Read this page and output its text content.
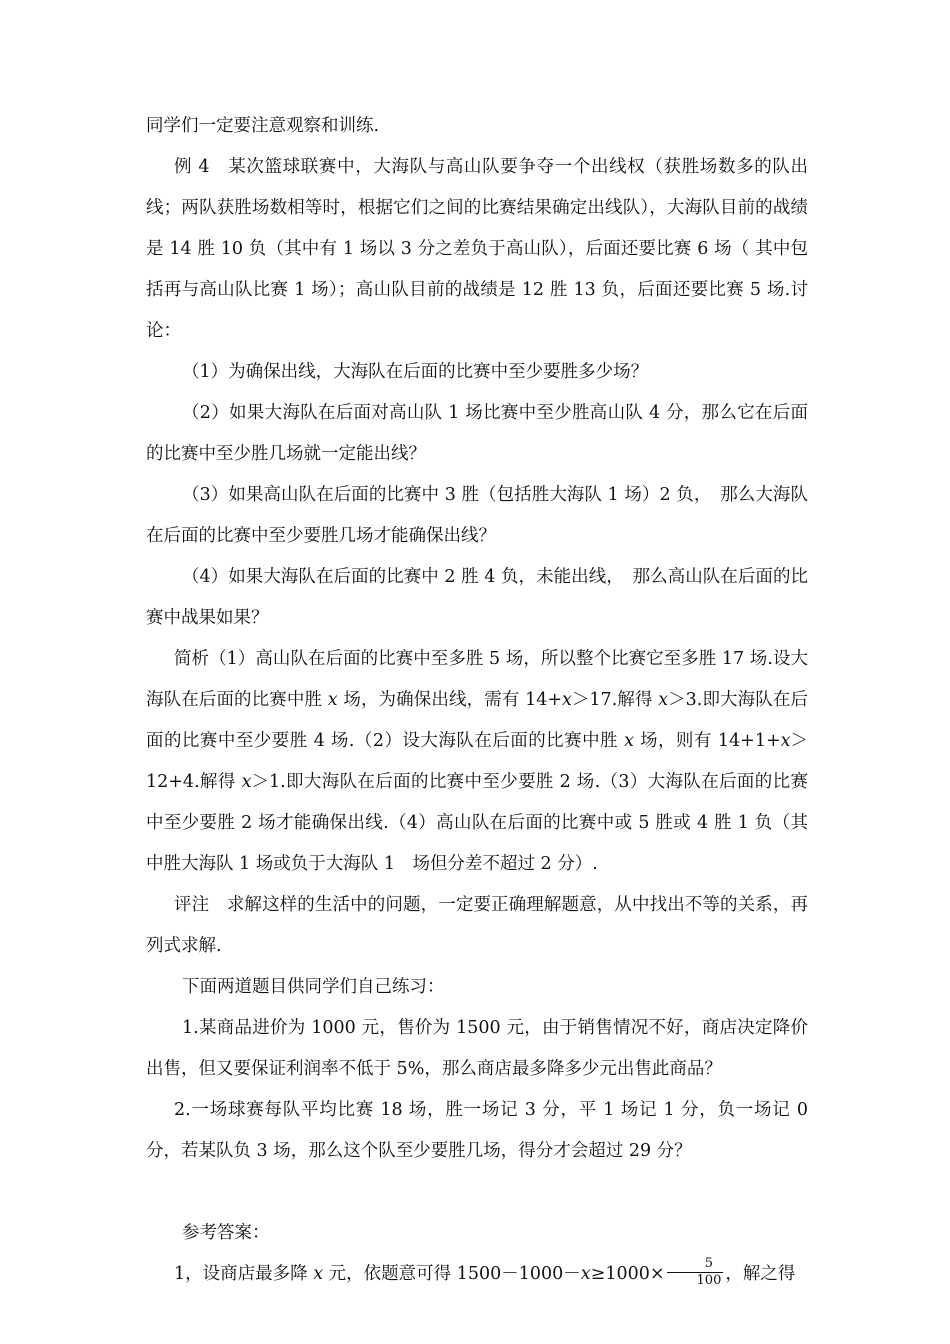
同学们一定要注意观察和训练.

例 4　某次篮球联赛中，大海队与高山队要争夺一个出线权（获胜场数多的队出线；两队获胜场数相等时，根据它们之间的比赛结果确定出线队），大海队目前的战绩是 14 胜 10 负（其中有 1 场以 3 分之差负于高山队），后面还要比赛 6 场（ 其中包括再与高山队比赛 1 场）；高山队目前的战绩是 12 胜 13 负，后面还要比赛 5 场.讨论：

（1）为确保出线，大海队在后面的比赛中至少要胜多少场？

（2）如果大海队在后面对高山队 1 场比赛中至少胜高山队 4 分，那么它在后面的比赛中至少胜几场就一定能出线？

（3）如果高山队在后面的比赛中 3 胜（包括胜大海队 1 场）2 负，　那么大海队在后面的比赛中至少要胜几场才能确保出线？

（4）如果大海队在后面的比赛中 2 胜 4 负，未能出线，　那么高山队在后面的比赛中战果如果？

简析（1）高山队在后面的比赛中至多胜 5 场，所以整个比赛它至多胜 17 场.设大海队在后面的比赛中胜 x 场，为确保出线，需有 14+x＞17.解得 x＞3.即大海队在后面的比赛中至少要胜 4 场.（2）设大海队在后面的比赛中胜 x 场，则有 14+1+x＞12+4.解得 x＞1.即大海队在后面的比赛中至少要胜 2 场.（3）大海队在后面的比赛中至少要胜 2 场才能确保出线.（4）高山队在后面的比赛中或 5 胜或 4 胜 1 负（其中胜大海队 1 场或负于大海队 1　场但分差不超过 2 分）.

评注　求解这样的生活中的问题，一定要正确理解题意，从中找出不等的关系，再列式求解.

下面两道题目供同学们自己练习：

1.某商品进价为 1000 元，售价为 1500 元，由于销售情况不好，商店决定降价出售，但又要保证利润率不低于 5%，那么商店最多降多少元出售此商品？

2.一场球赛每队平均比赛 18 场，胜一场记 3 分，平 1 场记 1 分，负一场记 0 分，若某队负 3 场，那么这个队至少要胜几场，得分才会超过 29 分？

参考答案：

1，设商店最多降 x 元，依题意可得 $1500-1000-x\ge 1000\times \frac{5}{100}$ ，解之得
